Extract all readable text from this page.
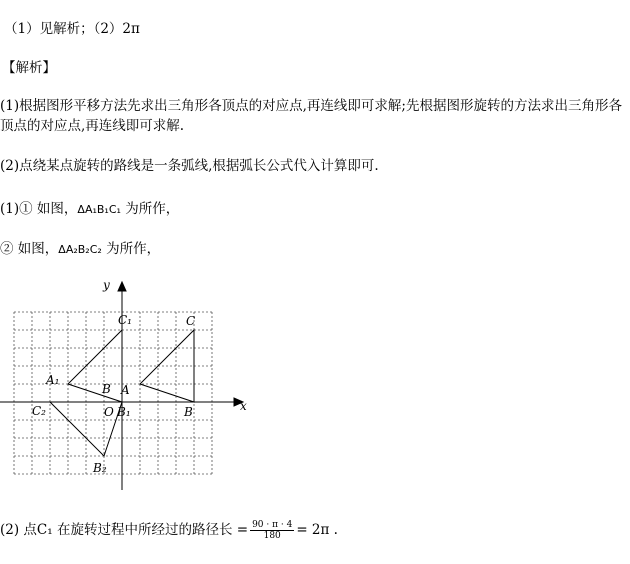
（1）见解析；（2）2π
【解析】
(1)根据图形平移方法先求出三角形各顶点的对应点,再连线即可求解;先根据图形旋转的方法求出三角形各顶点的对应点,再连线即可求解.
(2)点绕某点旋转的路线是一条弧线,根据弧长公式代入计算即可.
(1)① 如图，ΔA₁B₁C₁ 为所作，
② 如图，ΔA₂B₂C₂ 为所作，
x
y
C₁	C
A₁
B A
C₂	O B₁	B
B₂
(2) 点C₁ 在旋转过程中所经过的路径长 = $\frac{90 \cdot \pi \cdot 4}{180} = 2\pi$ .
